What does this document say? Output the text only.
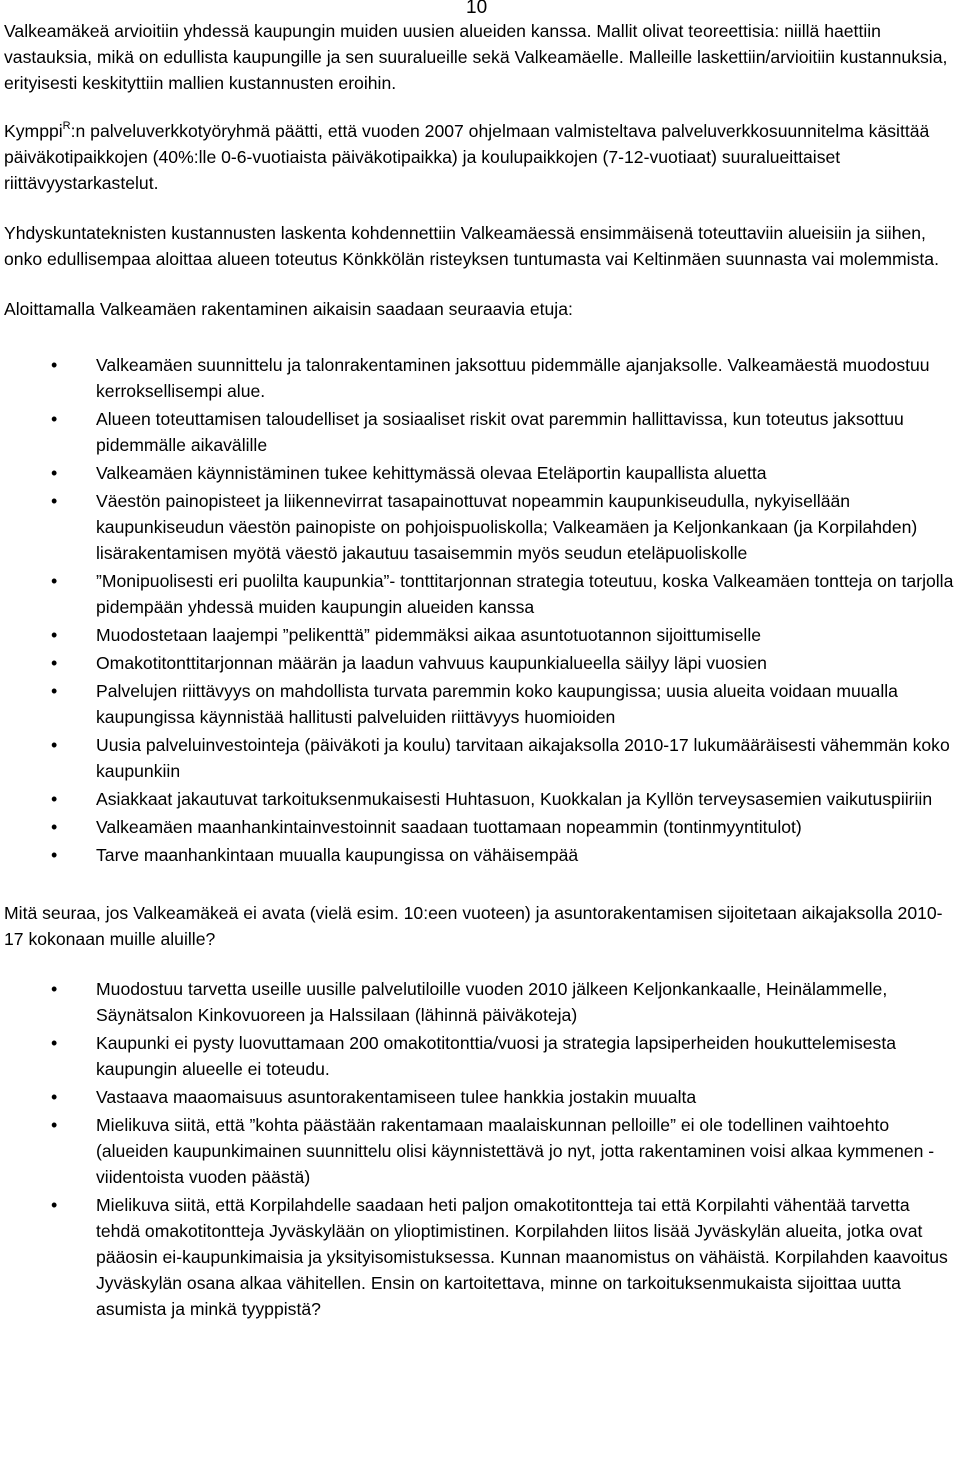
10

Valkeamäkeä arvioitiin yhdessä kaupungin muiden uusien alueiden kanssa. Mallit olivat teoreettisia: niillä haettiin vastauksia, mikä on edullista kaupungille ja sen suuralueille sekä Valkeamäelle. Malleille laskettiin/arvioitiin kustannuksia, erityisesti keskityttiin mallien kustannusten eroihin.

Kymppi$^R$:n palveluverkkotyöryhmä päätti, että vuoden 2007 ohjelmaan valmisteltava palveluverkkosuunnitelma käsittää päiväkotipaikkojen (40%:lle 0-6-vuotiaista päiväkotipaikka) ja koulupaikkojen (7-12-vuotiaat) suuralueittaiset riittävyystarkastelut.

Yhdyskuntateknisten kustannusten laskenta kohdennettiin Valkeamäessä ensimmäisenä toteuttaviin alueisiin ja siihen, onko edullisempaa aloittaa alueen toteutus Könkkölän risteyksen tuntumasta vai Keltinmäen suunnasta vai molemmista.

Aloittamalla Valkeamäen rakentaminen aikaisin saadaan seuraavia etuja:

• Valkeamäen suunnittelu ja talonrakentaminen jaksottuu pidemmälle ajanjaksolle. Valkeamäestä muodostuu kerroksellisempi alue.
• Alueen toteuttamisen taloudelliset ja sosiaaliset riskit ovat paremmin hallittavissa, kun toteutus jaksottuu pidemmälle aikavälille
• Valkeamäen käynnistäminen tukee kehittymässä olevaa Eteläportin kaupallista aluetta
• Väestön painopisteet ja liikennevirrat tasapainottuvat nopeammin kaupunkiseudulla, nykyisellään kaupunkiseudun väestön painopiste on pohjoispuoliskolla; Valkeamäen ja Keljonkankaan (ja Korpilahden) lisärakentamisen myötä väestö jakautuu tasaisemmin myös seudun eteläpuoliskolle
• ”Monipuolisesti eri puolilta kaupunkia”- tonttitarjonnan strategia toteutuu, koska Valkeamäen tontteja on tarjolla pidempään yhdessä muiden kaupungin alueiden kanssa
• Muodostetaan laajempi ”pelikenttä” pidemmäksi aikaa asuntotuotannon sijoittumiselle
• Omakotitonttitarjonnan määrän ja laadun vahvuus kaupunkialueella säilyy läpi vuosien
• Palvelujen riittävyys on mahdollista turvata paremmin koko kaupungissa; uusia alueita voidaan muualla kaupungissa käynnistää hallitusti palveluiden riittävyys huomioiden
• Uusia palveluinvestointeja (päiväkoti ja koulu) tarvitaan aikajaksolla 2010-17 lukumääräisesti vähemmän koko kaupunkiin
• Asiakkaat jakautuvat tarkoituksenmukaisesti Huhtasuon, Kuokkalan ja Kyllön terveysasemien vaikutuspiiriin
• Valkeamäen maanhankintainvestoinnit saadaan tuottamaan nopeammin (tontinmyyntitulot)
• Tarve maanhankintaan muualla kaupungissa on vähäisempää

Mitä seuraa, jos Valkeamäkeä ei avata (vielä esim. 10:een vuoteen) ja asuntorakentamisen sijoitetaan aikajaksolla 2010-17 kokonaan muille aluille?

• Muodostuu tarvetta useille uusille palvelutiloille vuoden 2010 jälkeen Keljonkankaalle, Heinälammelle, Säynätsalon Kinkovuoreen ja Halssilaan (lähinnä päiväkoteja)
• Kaupunki ei pysty luovuttamaan 200 omakotitonttia/vuosi ja strategia lapsiperheiden houkuttelemisesta kaupungin alueelle ei toteudu.
• Vastaava maaomaisuus asuntorakentamiseen tulee hankkia jostakin muualta
• Mielikuva siitä, että ”kohta päästään rakentamaan maalaiskunnan pelloille” ei ole todellinen vaihtoehto (alueiden kaupunkimainen suunnittelu olisi käynnistettävä jo nyt, jotta rakentaminen voisi alkaa kymmenen - viidentoista vuoden päästä)
• Mielikuva siitä, että Korpilahdelle saadaan heti paljon omakotitontteja tai että Korpilahti vähentää tarvetta tehdä omakotitontteja Jyväskylään on ylioptimistinen. Korpilahden liitos lisää Jyväskylän alueita, jotka ovat pääosin ei-kaupunkimaisia ja yksityisomistuksessa. Kunnan maanomistus on vähäistä. Korpilahden kaavoitus Jyväskylän osana alkaa vähitellen. Ensin on kartoitettava, minne on tarkoituksenmukaista sijoittaa uutta asumista ja minkä tyyppistä?
